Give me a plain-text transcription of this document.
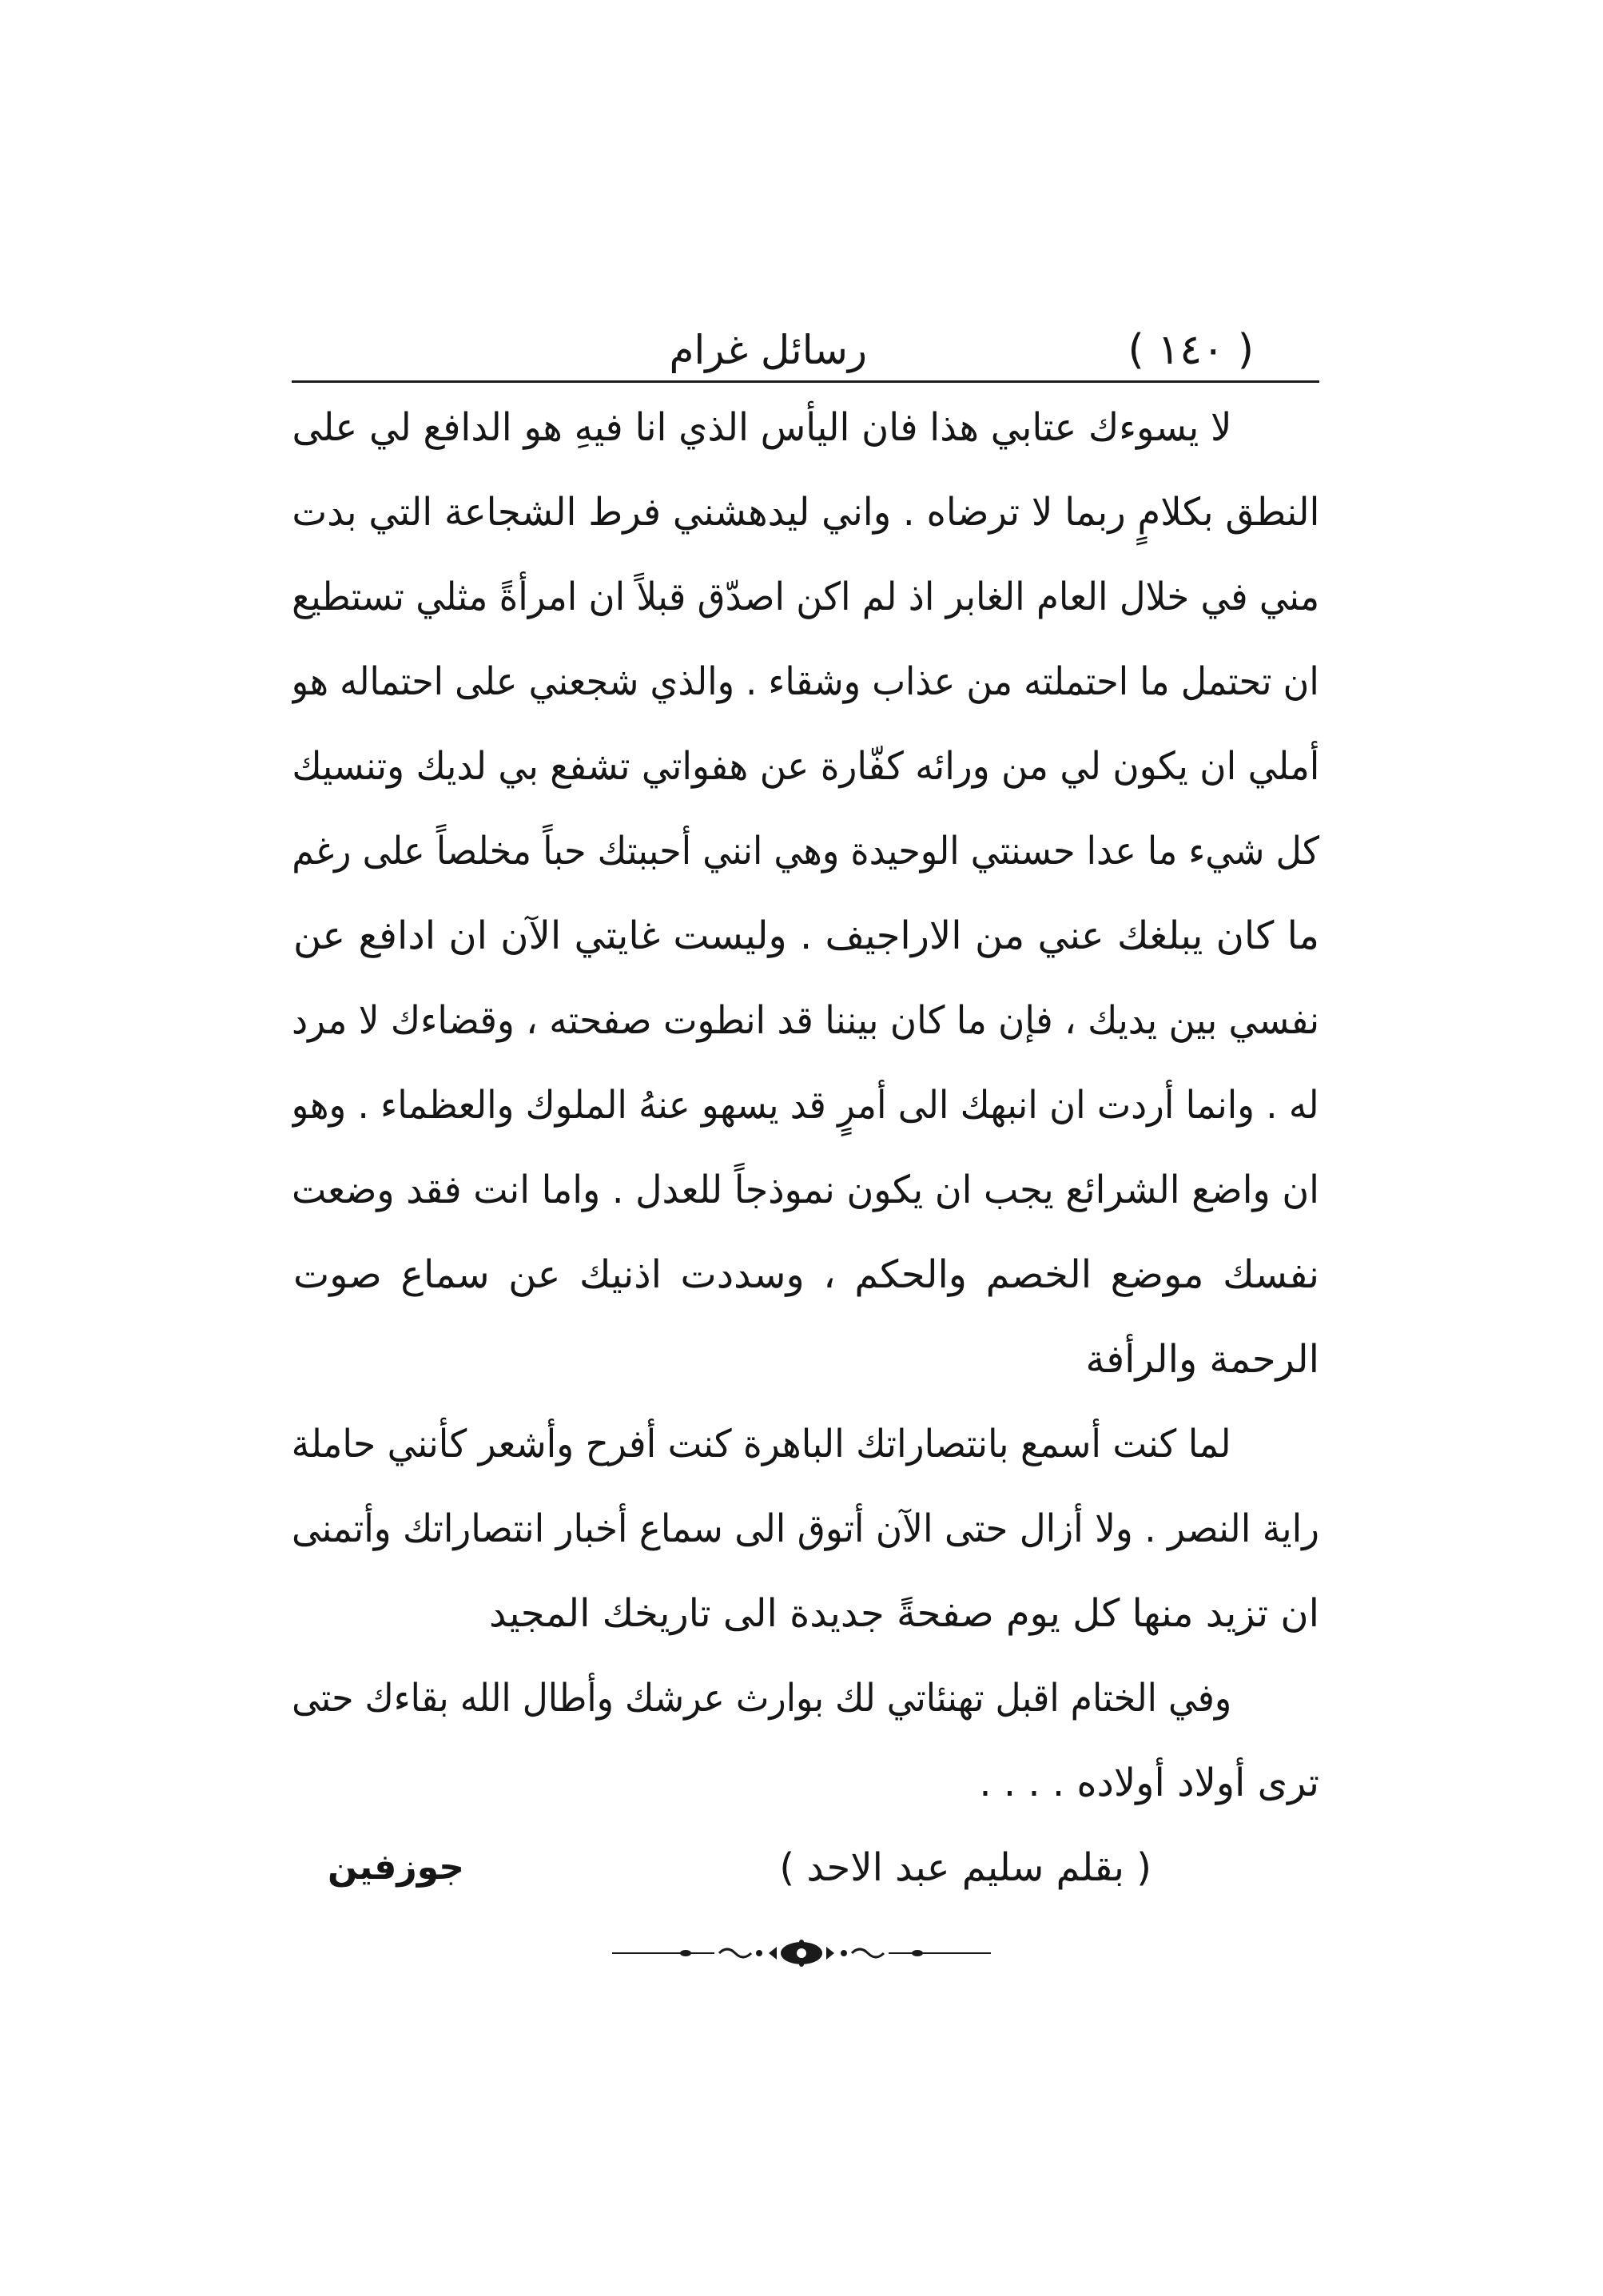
( ١٤٠ )
رسائل غرام
لا يسوءك عتابي هذا فان اليأس الذي انا فيهِ هو الدافع لي على
النطق بكلامٍ ربما لا ترضاه . واني ليدهشني فرط الشجاعة التي بدت
مني في خلال العام الغابر اذ لم اكن اصدّق قبلاً ان امرأةً مثلي تستطيع
ان تحتمل ما احتملته من عذاب وشقاء . والذي شجعني على احتماله هو
أملي ان يكون لي من ورائه كفّارة عن هفواتي تشفع بي لديك وتنسيك
كل شيء ما عدا حسنتي الوحيدة وهي انني أحببتك حباً مخلصاً على رغم
ما كان يبلغك عني من الاراجيف . وليست غايتي الآن ان ادافع عن
نفسي بين يديك ، فإن ما كان بيننا قد انطوت صفحته ، وقضاءك لا مرد
له . وانما أردت ان انبهك الى أمرٍ قد يسهو عنهُ الملوك والعظماء . وهو
ان واضع الشرائع يجب ان يكون نموذجاً للعدل . واما انت فقد وضعت
نفسك موضع الخصم والحكم ، وسددت اذنيك عن سماع صوت
الرحمة والرأفة
لما كنت أسمع بانتصاراتك الباهرة كنت أفرح وأشعر كأنني حاملة
راية النصر . ولا أزال حتى الآن أتوق الى سماع أخبار انتصاراتك وأتمنى
ان تزيد منها كل يوم صفحةً جديدة الى تاريخك المجيد
وفي الختام اقبل تهنئاتي لك بوارث عرشك وأطال الله بقاءك حتى
ترى أولاد أولاده . . . .
( بقلم سليم عبد الاحد )
جوزفين
